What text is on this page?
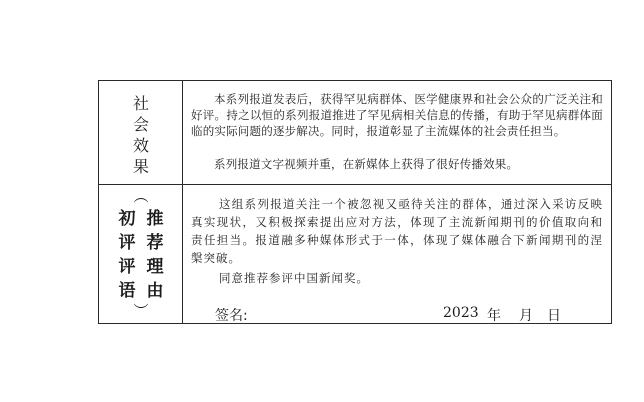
社
会
效
果

本系列报道发表后，获得罕见病群体、医学健康界和社会公众的广泛关注和好评。持之以恒的系列报道推进了罕见病相关信息的传播，有助于罕见病群体面临的实际问题的逐步解决。同时，报道彰显了主流媒体的社会责任担当。

系列报道文字视频并重，在新媒体上获得了很好传播效果。

︵
初 推
评 荐
评 理
语 由
︶

这组系列报道关注一个被忽视又亟待关注的群体，通过深入采访反映真实现状，又积极探索提出应对方法，体现了主流新闻期刊的价值取向和责任担当。报道融多种媒体形式于一体，体现了媒体融合下新闻期刊的涅槃突破。

同意推荐参评中国新闻奖。

签名:	2023 年 月 日
